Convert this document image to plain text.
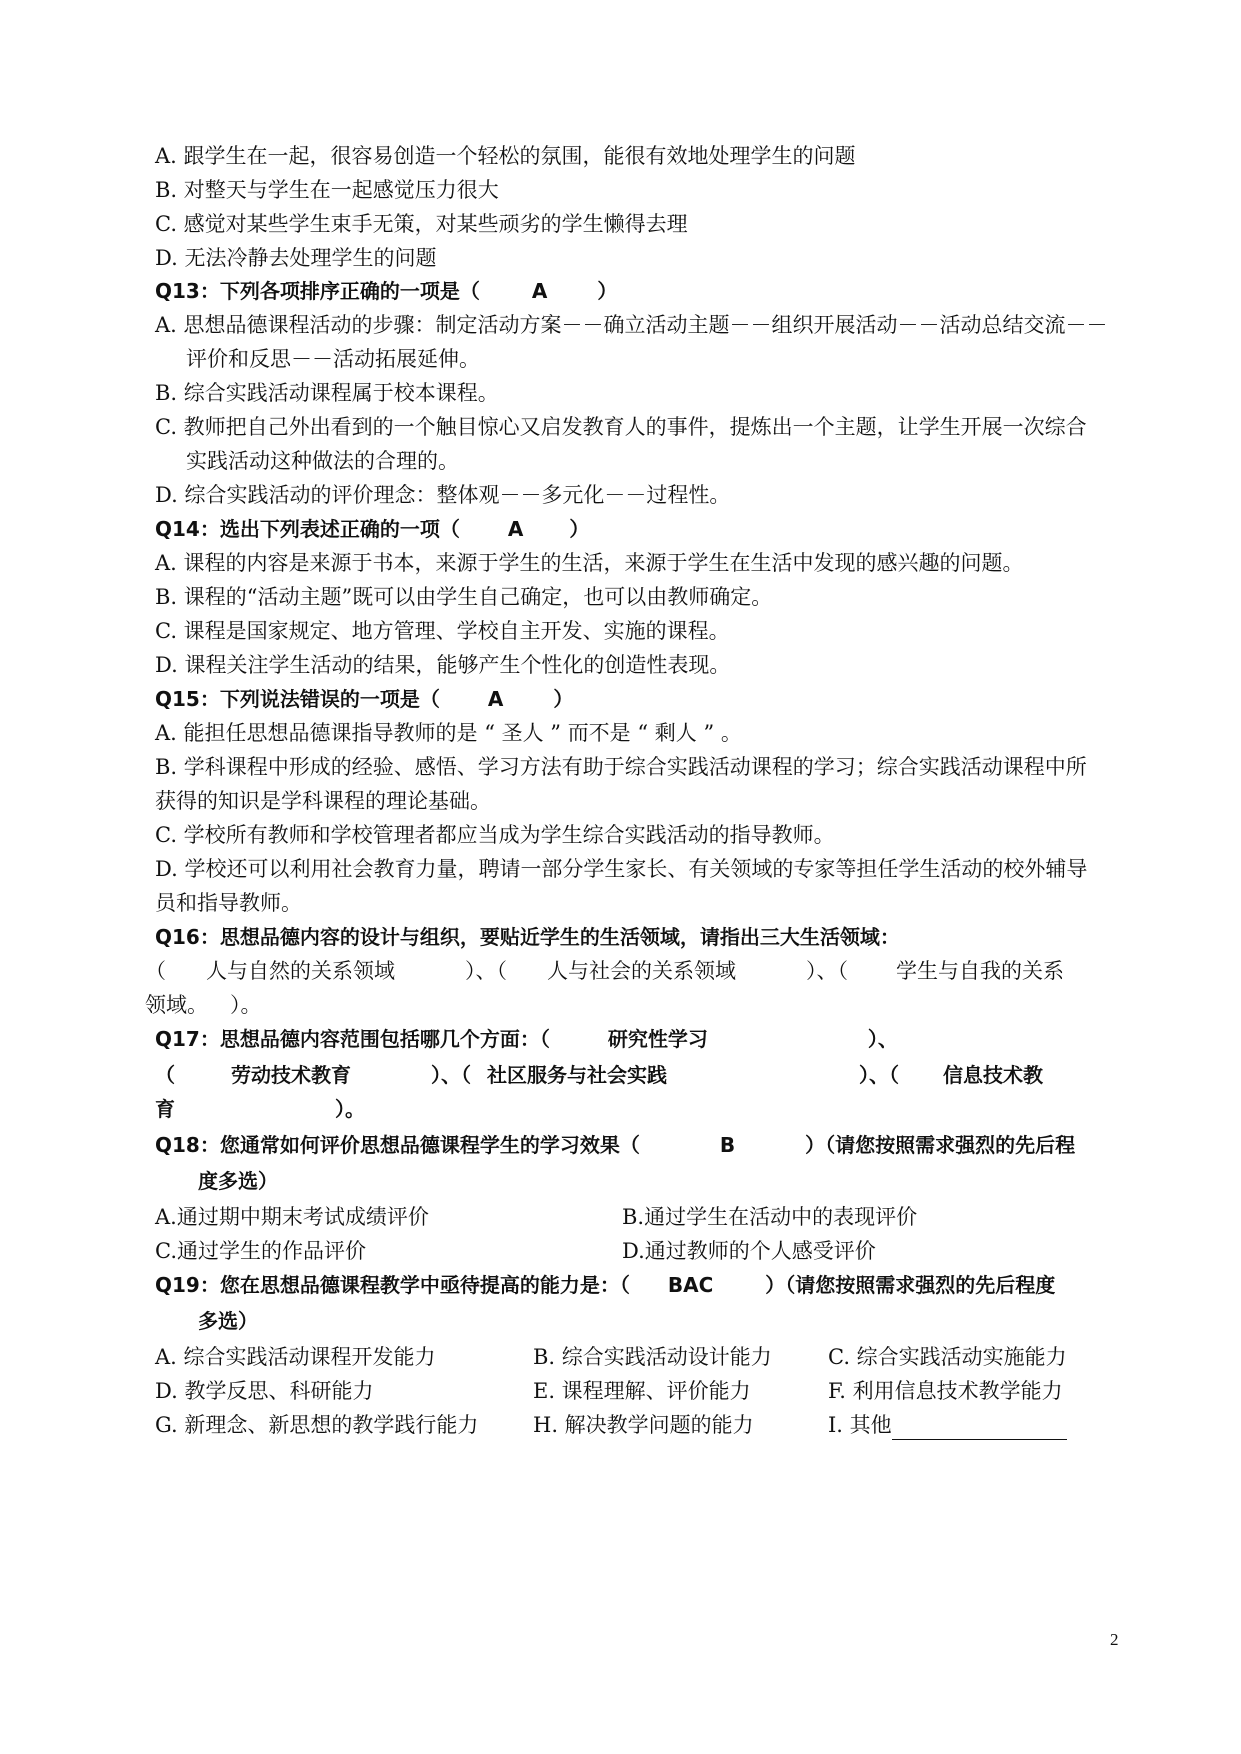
A. 跟学生在一起，很容易创造一个轻松的氛围，能很有效地处理学生的问题
B. 对整天与学生在一起感觉压力很大
C. 感觉对某些学生束手无策，对某些顽劣的学生懒得去理
D. 无法冷静去处理学生的问题
Q13：下列各项排序正确的一项是（	A	）
A. 思想品德课程活动的步骤：制定活动方案－－确立活动主题－－组织开展活动－－活动总结交流－－
评价和反思－－活动拓展延伸。
B. 综合实践活动课程属于校本课程。
C. 教师把自己外出看到的一个触目惊心又启发教育人的事件，提炼出一个主题，让学生开展一次综合
实践活动这种做法的合理的。
D. 综合实践活动的评价理念：整体观－－多元化－－过程性。
Q14：选出下列表述正确的一项（ A ）
A. 课程的内容是来源于书本，来源于学生的生活，来源于学生在生活中发现的感兴趣的问题。
B. 课程的“活动主题”既可以由学生自己确定，也可以由教师确定。
C. 课程是国家规定、地方管理、学校自主开发、实施的课程。
D. 课程关注学生活动的结果，能够产生个性化的创造性表现。
Q15：下列说法错误的一项是（ A	）
A. 能担任思想品德课指导教师的是 “ 圣人 ” 而不是 “ 剩人 ” 。
B. 学科课程中形成的经验、感悟、学习方法有助于综合实践活动课程的学习；综合实践活动课程中所
获得的知识是学科课程的理论基础。
C. 学校所有教师和学校管理者都应当成为学生综合实践活动的指导教师。
D. 学校还可以利用社会教育力量，聘请一部分学生家长、有关领域的专家等担任学生活动的校外辅导
员和指导教师。
Q16：思想品德内容的设计与组织，要贴近学生的生活领域，请指出三大生活领域：
（ 人与自然的关系领域	）、（ 人与社会的关系领域	）、（ 学生与自我的关系
领域。 ）。
Q17：思想品德内容范围包括哪几个方面：（	研究性学习	）、
（	劳动技术教育	）、（ 社区服务与社会实践	）、（ 信息技术教
育	）。
Q18：您通常如何评价思想品德课程学生的学习效果（	B	）（请您按照需求强烈的先后程
度多选）
A.通过期中期末考试成绩评价	B.通过学生在活动中的表现评价
C.通过学生的作品评价	D.通过教师的个人感受评价
Q19：您在思想品德课程教学中亟待提高的能力是：（ BAC	）（请您按照需求强烈的先后程度
多选）
A. 综合实践活动课程开发能力	B. 综合实践活动设计能力	C. 综合实践活动实施能力
D. 教学反思、科研能力	E. 课程理解、评价能力	F. 利用信息技术教学能力
G. 新理念、新思想的教学践行能力	H. 解决教学问题的能力	I. 其他
2
